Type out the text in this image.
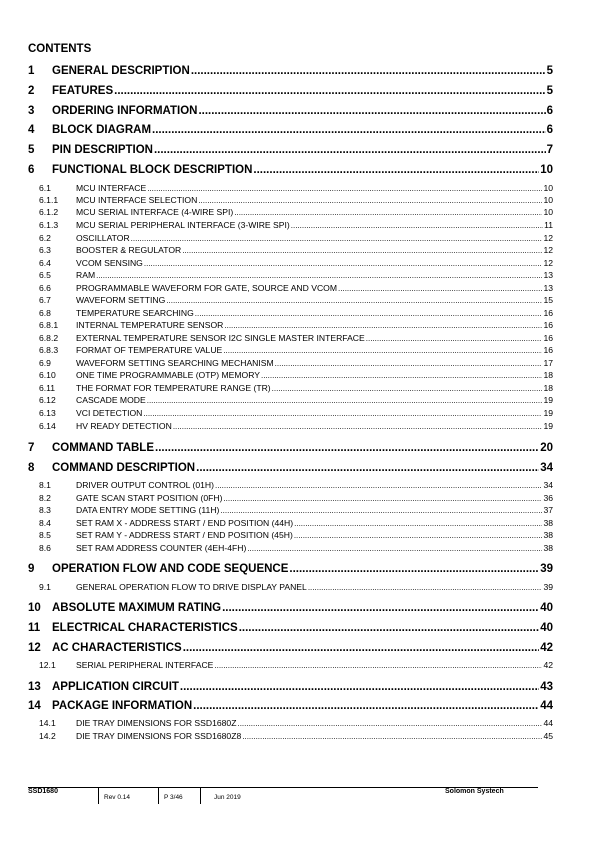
CONTENTS
1 GENERAL DESCRIPTION .....	5
2 FEATURES .....	5
3 ORDERING INFORMATION .....	6
4 BLOCK DIAGRAM .....	6
5 PIN DESCRIPTION .....	7
6 FUNCTIONAL BLOCK DESCRIPTION .....	10
6.1	MCU INTERFACE .....	10
6.1.1 MCU INTERFACE SELECTION .....	10
6.1.2 MCU SERIAL INTERFACE (4-WIRE SPI) .....	10
6.1.3 MCU SERIAL PERIPHERAL INTERFACE (3-WIRE SPI) .....	11
6.2	OSCILLATOR .....	12
6.3	BOOSTER & REGULATOR .....	12
6.4	VCOM SENSING .....	12
6.5	RAM .....	13
6.6	PROGRAMMABLE WAVEFORM FOR GATE, SOURCE AND VCOM .....	13
6.7	WAVEFORM SETTING .....	15
6.8	TEMPERATURE SEARCHING .....	16
6.8.1 INTERNAL TEMPERATURE SENSOR .....	16
6.8.2 EXTERNAL TEMPERATURE SENSOR I2C SINGLE MASTER INTERFACE .....	16
6.8.3 FORMAT OF TEMPERATURE VALUE .....	16
6.9	WAVEFORM SETTING SEARCHING MECHANISM .....	17
6.10 ONE TIME PROGRAMMABLE (OTP) MEMORY .....	18
6.11 THE FORMAT FOR TEMPERATURE RANGE (TR) .....	18
6.12 CASCADE MODE .....	19
6.13 VCI DETECTION .....	19
6.14 HV READY DETECTION .....	19
7 COMMAND TABLE .....	20
8 COMMAND DESCRIPTION .....	34
8.1	DRIVER OUTPUT CONTROL (01H) .....	34
8.2	GATE SCAN START POSITION (0FH) .....	36
8.3	DATA ENTRY MODE SETTING (11H) .....	37
8.4	SET RAM X - ADDRESS START / END POSITION (44H) .....	38
8.5	SET RAM Y - ADDRESS START / END POSITION (45H) .....	38
8.6	SET RAM ADDRESS COUNTER (4EH-4FH) .....	38
9 OPERATION FLOW AND CODE SEQUENCE .....	39
9.1	GENERAL OPERATION FLOW TO DRIVE DISPLAY PANEL .....	39
10 ABSOLUTE MAXIMUM RATING .....	40
11 ELECTRICAL CHARACTERISTICS .....	40
12 AC CHARACTERISTICS .....	42
12.1 SERIAL PERIPHERAL INTERFACE .....	42
13 APPLICATION CIRCUIT .....	43
14 PACKAGE INFORMATION .....	44
14.1 DIE TRAY DIMENSIONS FOR SSD1680Z .....	44
14.2 DIE TRAY DIMENSIONS FOR SSD1680Z8 .....	45
SSD1680
Rev 0.14	P 3/46	Jun 2019
Solomon Systech
